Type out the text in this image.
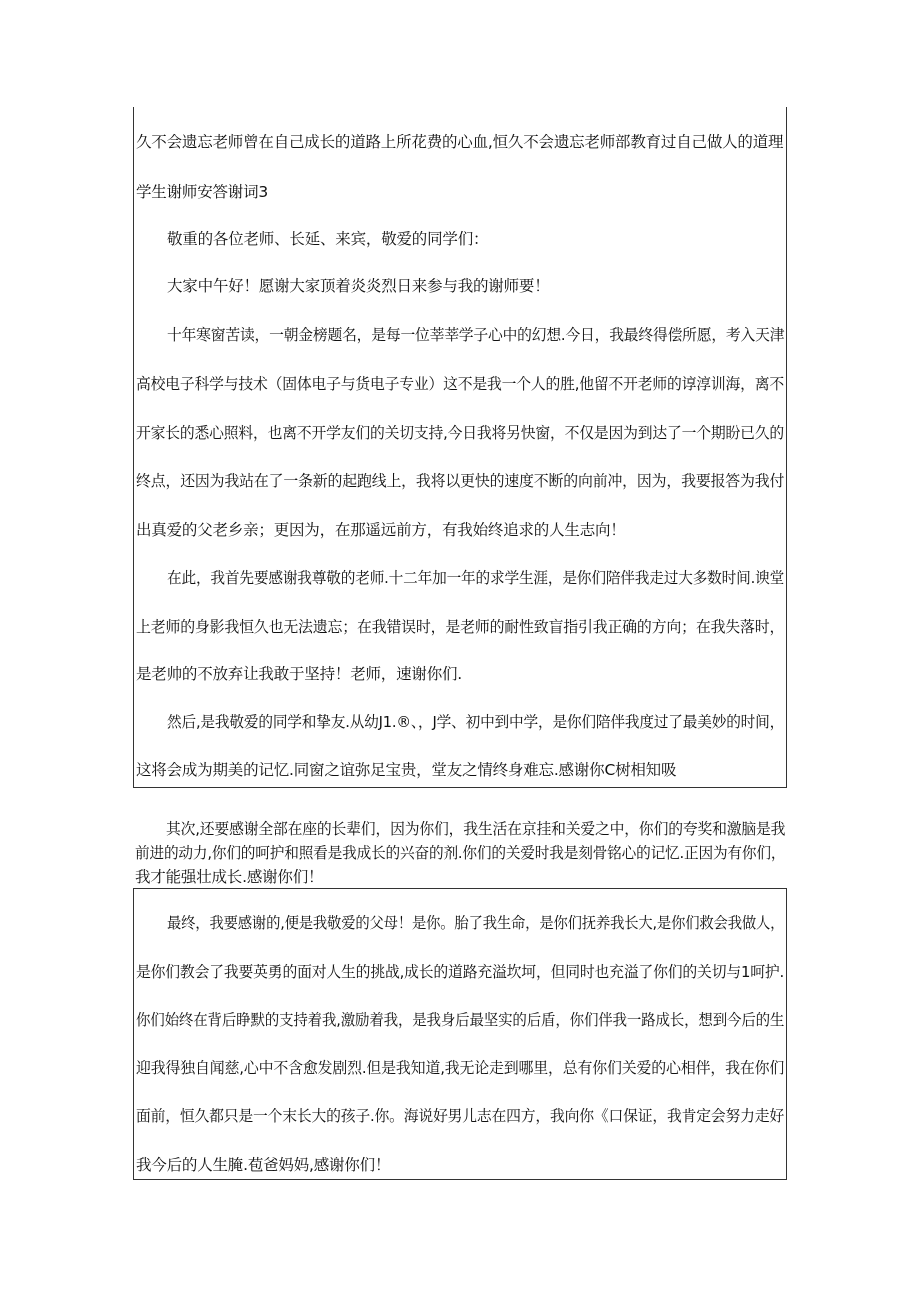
久不会遗忘老师曾在自己成长的道路上所花费的心血,恒久不会遗忘老师部教育过自己做人的道理
学生谢师安答谢词3
敬重的各位老师、长延、来宾，敬爱的同学们：
大家中午好！愿谢大家顶着炎炎烈日来参与我的谢师要！
十年寒窗苦读，一朝金榜题名，是每一位莘莘学子心中的幻想.今日，我最终得偿所愿，考入天津
高校电子科学与技术（固体电子与货电子专业）这不是我一个人的胜,他留不开老师的谆淳训海，离不
开家长的悉心照料，也离不开学友们的关切支持,今日我将另快窗，不仅是因为到达了一个期盼已久的
终点，还因为我站在了一条新的起跑线上，我将以更快的速度不断的向前冲，因为，我要报答为我付
出真爱的父老乡亲；更因为，在那遥远前方，有我始终追求的人生志向！
在此，我首先要感谢我尊敬的老师.十二年加一年的求学生涯，是你们陪伴我走过大多数时间.谀堂
上老师的身影我恒久也无法遗忘；在我错误时，是老师的耐性致盲指引我正确的方向；在我失落时，
是老帅的不放弃让我敢于坚持！老师，速谢你们.
然后,是我敬爱的同学和挚友.从幼J1.®、，J学、初中到中学，是你们陪伴我度过了最美妙的时间，
这将会成为期美的记忆.同窗之谊弥足宝贵，堂友之情终身难忘.感谢你C树相知吸
其次,还要感谢全部在座的长辈们，因为你们，我生活在京挂和关爱之中，你们的夸奖和激脑是我
前进的动力,你们的呵护和照看是我成长的兴奋的剂.你们的关爱时我是刻骨铭心的记忆.正因为有你们，
我才能强壮成长.感谢你们！
最终，我要感谢的,便是我敬爱的父母！是你。胎了我生命，是你们抚养我长大,是你们救会我做人，
是你们教会了我要英勇的面对人生的挑战,成长的道路充溢坎坷，但同时也充溢了你们的关切与1呵护.
你们始终在背后睁默的支持着我,激励着我，是我身后最坚实的后盾，你们伴我一路成长，想到今后的生
迎我得独自闻慈,心中不含愈发剧烈.但是我知道,我无论走到哪里，总有你们关爱的心相伴，我在你们
面前，恒久都只是一个末长大的孩子.你。海说好男儿志在四方，我向你《口保证，我肯定会努力走好
我今后的人生腌.苞爸妈妈,感谢你们！
